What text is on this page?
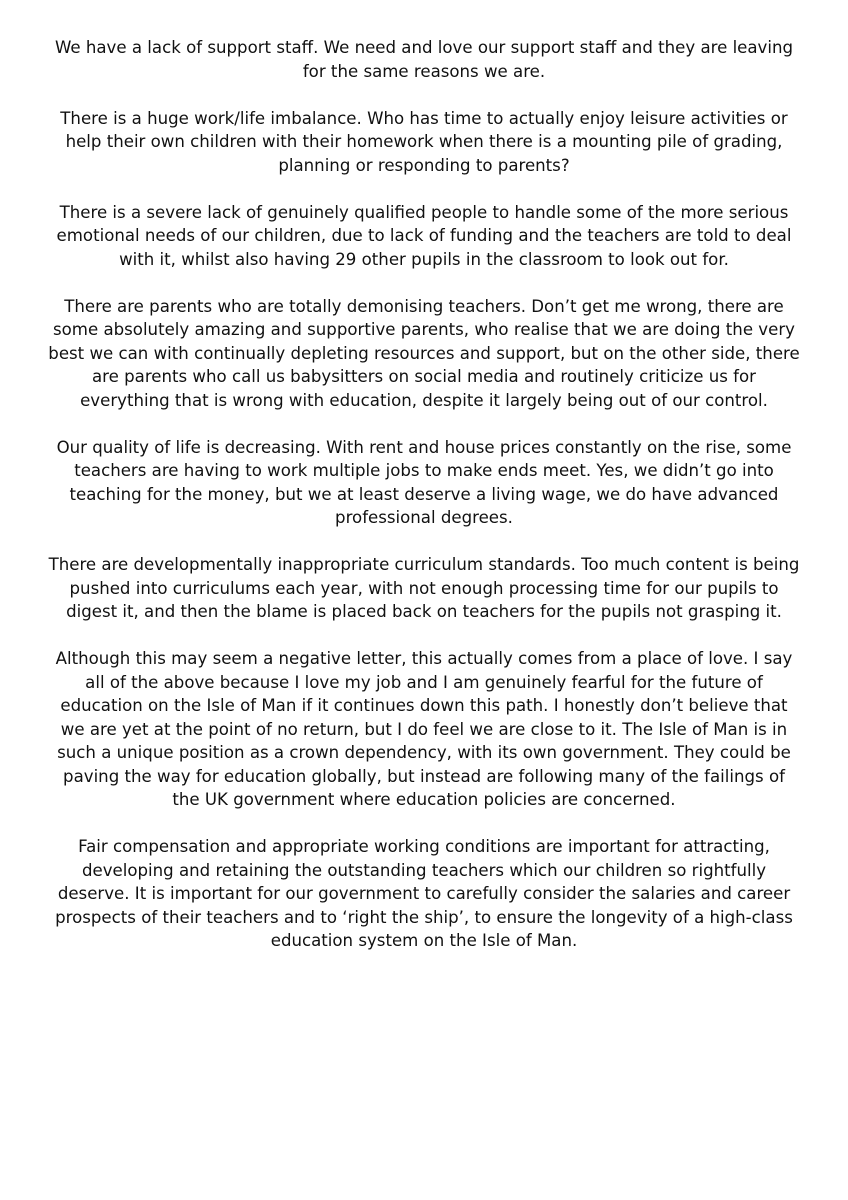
We have a lack of support staff. We need and love our support staff and they are leaving for the same reasons we are.

There is a huge work/life imbalance. Who has time to actually enjoy leisure activities or help their own children with their homework when there is a mounting pile of grading, planning or responding to parents?

There is a severe lack of genuinely qualified people to handle some of the more serious emotional needs of our children, due to lack of funding and the teachers are told to deal with it, whilst also having 29 other pupils in the classroom to look out for.

There are parents who are totally demonising teachers. Don’t get me wrong, there are some absolutely amazing and supportive parents, who realise that we are doing the very best we can with continually depleting resources and support, but on the other side, there are parents who call us babysitters on social media and routinely criticize us for everything that is wrong with education, despite it largely being out of our control.

Our quality of life is decreasing. With rent and house prices constantly on the rise, some teachers are having to work multiple jobs to make ends meet. Yes, we didn’t go into teaching for the money, but we at least deserve a living wage, we do have advanced professional degrees.

There are developmentally inappropriate curriculum standards. Too much content is being pushed into curriculums each year, with not enough processing time for our pupils to digest it, and then the blame is placed back on teachers for the pupils not grasping it.

Although this may seem a negative letter, this actually comes from a place of love. I say all of the above because I love my job and I am genuinely fearful for the future of education on the Isle of Man if it continues down this path. I honestly don’t believe that we are yet at the point of no return, but I do feel we are close to it. The Isle of Man is in such a unique position as a crown dependency, with its own government. They could be paving the way for education globally, but instead are following many of the failings of the UK government where education policies are concerned.

Fair compensation and appropriate working conditions are important for attracting, developing and retaining the outstanding teachers which our children so rightfully deserve. It is important for our government to carefully consider the salaries and career prospects of their teachers and to ‘right the ship’, to ensure the longevity of a high-class education system on the Isle of Man.
